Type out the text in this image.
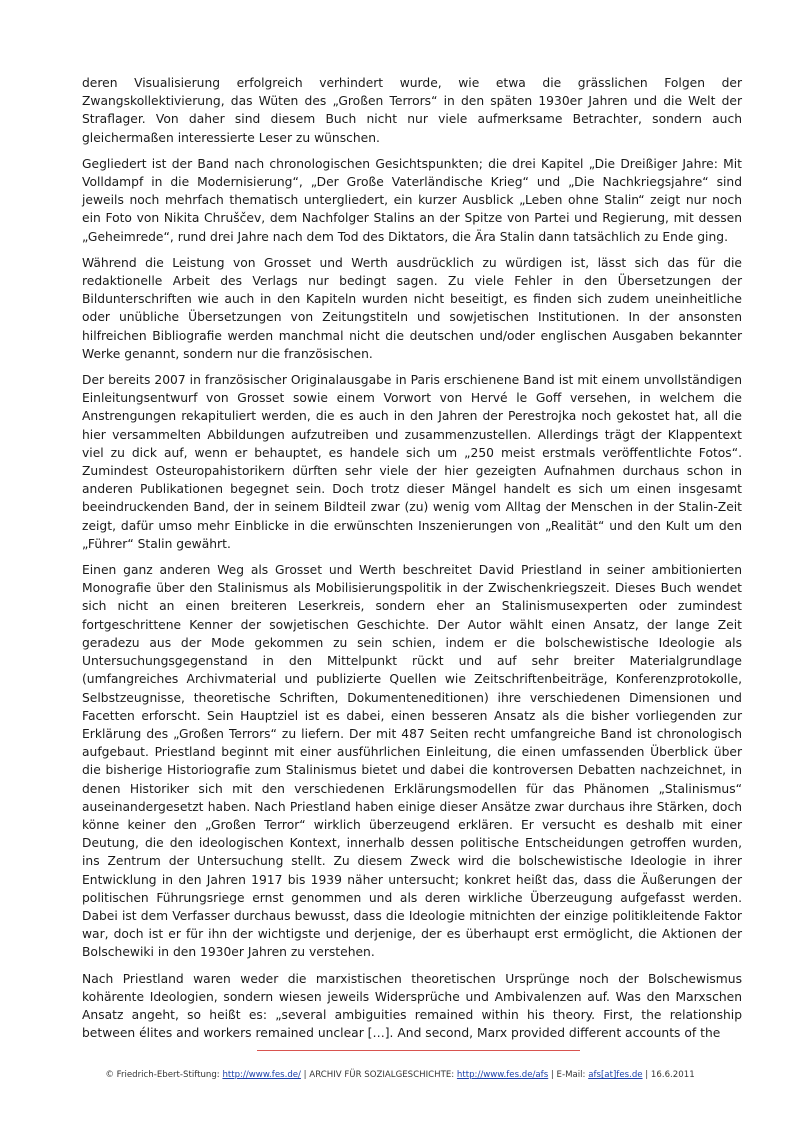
deren Visualisierung erfolgreich verhindert wurde, wie etwa die grässlichen Folgen der Zwangskollektivierung, das Wüten des „Großen Terrors“ in den späten 1930er Jahren und die Welt der Straflager. Von daher sind diesem Buch nicht nur viele aufmerksame Betrachter, sondern auch gleichermaßen interessierte Leser zu wünschen.

Gegliedert ist der Band nach chronologischen Gesichtspunkten; die drei Kapitel „Die Dreißiger Jahre: Mit Volldampf in die Modernisierung“, „Der Große Vaterländische Krieg“ und „Die Nachkriegsjahre“ sind jeweils noch mehrfach thematisch untergliedert, ein kurzer Ausblick „Leben ohne Stalin“ zeigt nur noch ein Foto von Nikita Chruščev, dem Nachfolger Stalins an der Spitze von Partei und Regierung, mit dessen „Geheimrede“, rund drei Jahre nach dem Tod des Diktators, die Ära Stalin dann tatsächlich zu Ende ging.

Während die Leistung von Grosset und Werth ausdrücklich zu würdigen ist, lässt sich das für die redaktionelle Arbeit des Verlags nur bedingt sagen. Zu viele Fehler in den Übersetzungen der Bildunterschriften wie auch in den Kapiteln wurden nicht beseitigt, es finden sich zudem uneinheitliche oder unübliche Übersetzungen von Zeitungstiteln und sowjetischen Institutionen. In der ansonsten hilfreichen Bibliografie werden manchmal nicht die deutschen und/oder englischen Ausgaben bekannter Werke genannt, sondern nur die französischen.

Der bereits 2007 in französischer Originalausgabe in Paris erschienene Band ist mit einem unvollständigen Einleitungsentwurf von Grosset sowie einem Vorwort von Hervé le Goff versehen, in welchem die Anstrengungen rekapituliert werden, die es auch in den Jahren der Perestrojka noch gekostet hat, all die hier versammelten Abbildungen aufzutreiben und zusammenzustellen. Allerdings trägt der Klappentext viel zu dick auf, wenn er behauptet, es handele sich um „250 meist erstmals veröffentlichte Fotos“. Zumindest Osteuropahistorikern dürften sehr viele der hier gezeigten Aufnahmen durchaus schon in anderen Publikationen begegnet sein. Doch trotz dieser Mängel handelt es sich um einen insgesamt beeindruckenden Band, der in seinem Bildteil zwar (zu) wenig vom Alltag der Menschen in der Stalin-Zeit zeigt, dafür umso mehr Einblicke in die erwünschten Inszenierungen von „Realität“ und den Kult um den „Führer“ Stalin gewährt.

Einen ganz anderen Weg als Grosset und Werth beschreitet David Priestland in seiner ambitionierten Monografie über den Stalinismus als Mobilisierungspolitik in der Zwischenkriegszeit. Dieses Buch wendet sich nicht an einen breiteren Leserkreis, sondern eher an Stalinismusexperten oder zumindest fortgeschrittene Kenner der sowjetischen Geschichte. Der Autor wählt einen Ansatz, der lange Zeit geradezu aus der Mode gekommen zu sein schien, indem er die bolschewistische Ideologie als Untersuchungsgegenstand in den Mittelpunkt rückt und auf sehr breiter Materialgrundlage (umfangreiches Archivmaterial und publizierte Quellen wie Zeitschriftenbeiträge, Konferenzprotokolle, Selbstzeugnisse, theoretische Schriften, Dokumenteneditionen) ihre verschiedenen Dimensionen und Facetten erforscht. Sein Hauptziel ist es dabei, einen besseren Ansatz als die bisher vorliegenden zur Erklärung des „Großen Terrors“ zu liefern. Der mit 487 Seiten recht umfangreiche Band ist chronologisch aufgebaut. Priestland beginnt mit einer ausführlichen Einleitung, die einen umfassenden Überblick über die bisherige Historiografie zum Stalinismus bietet und dabei die kontroversen Debatten nachzeichnet, in denen Historiker sich mit den verschiedenen Erklärungsmodellen für das Phänomen „Stalinismus“ auseinandergesetzt haben. Nach Priestland haben einige dieser Ansätze zwar durchaus ihre Stärken, doch könne keiner den „Großen Terror“ wirklich überzeugend erklären. Er versucht es deshalb mit einer Deutung, die den ideologischen Kontext, innerhalb dessen politische Entscheidungen getroffen wurden, ins Zentrum der Untersuchung stellt. Zu diesem Zweck wird die bolschewistische Ideologie in ihrer Entwicklung in den Jahren 1917 bis 1939 näher untersucht; konkret heißt das, dass die Äußerungen der politischen Führungsriege ernst genommen und als deren wirkliche Überzeugung aufgefasst werden. Dabei ist dem Verfasser durchaus bewusst, dass die Ideologie mitnichten der einzige politikleitende Faktor war, doch ist er für ihn der wichtigste und derjenige, der es überhaupt erst ermöglicht, die Aktionen der Bolschewiki in den 1930er Jahren zu verstehen.

Nach Priestland waren weder die marxistischen theoretischen Ursprünge noch der Bolschewismus kohärente Ideologien, sondern wiesen jeweils Widersprüche und Ambivalenzen auf. Was den Marxschen Ansatz angeht, so heißt es: „several ambiguities remained within his theory. First, the relationship between élites and workers remained unclear […]. And second, Marx provided different accounts of the

© Friedrich-Ebert-Stiftung: http://www.fes.de/ | ARCHIV FÜR SOZIALGESCHICHTE: http://www.fes.de/afs | E-Mail: afs[at]fes.de | 16.6.2011
